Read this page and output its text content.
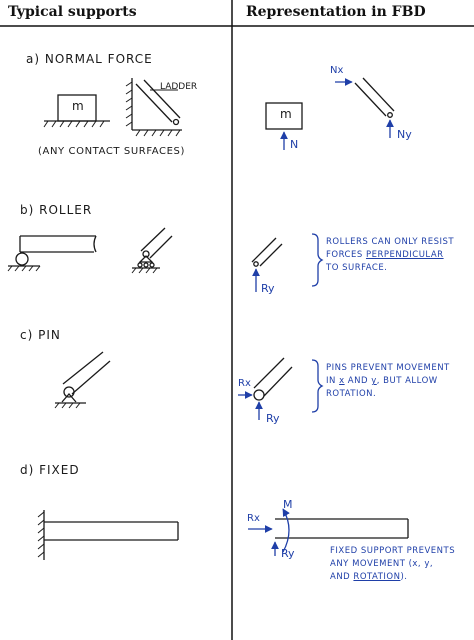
Typical supports	Representation in FBD
a) NORMAL FORCE
m
LADDER
(ANY CONTACT SURFACES)
m
N
Nx
Ny
b) ROLLER
Ry
ROLLERS CAN ONLY RESIST
FORCES PERPENDICULAR
TO SURFACE.
c) PIN
Rx
Ry
PINS PREVENT MOVEMENT
IN x AND y, BUT ALLOW
ROTATION.
d) FIXED
M
Rx
Ry	FIXED SUPPORT PREVENTS
ANY MOVEMENT (x, y,
AND ROTATION).
